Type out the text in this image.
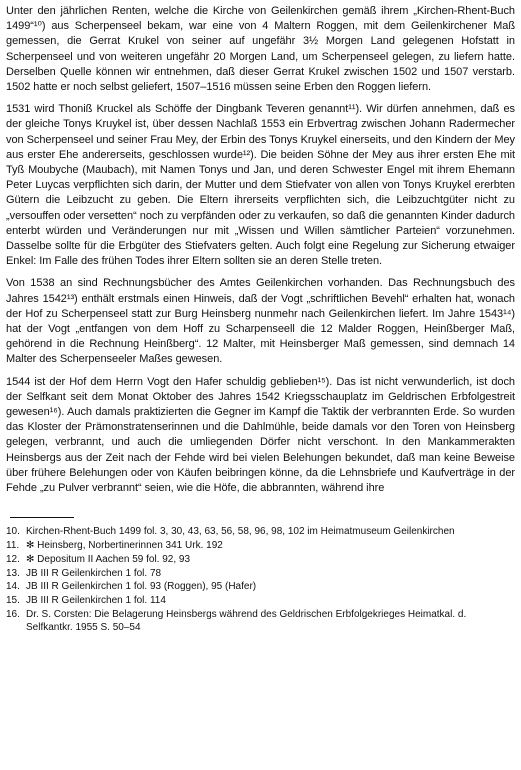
Unter den jährlichen Renten, welche die Kirche von Geilenkirchen gemäß ihrem „Kirchen-Rhent-Buch 1499“¹⁰) aus Scherpenseel bekam, war eine von 4 Maltern Roggen, mit dem Geilenkirchener Maß gemessen, die Gerrat Krukel von seiner auf ungefähr 3½ Morgen Land gelegenen Hofstatt in Scherpenseel und von weiteren ungefähr 20 Morgen Land, um Scherpenseel gelegen, zu liefern hatte. Derselben Quelle können wir entnehmen, daß dieser Gerrat Krukel zwischen 1502 und 1507 verstarb. 1502 hatte er noch selbst geliefert, 1507–1516 müssen seine Erben den Roggen liefern.

1531 wird Thoniß Kruckel als Schöffe der Dingbank Teveren genannt¹¹). Wir dürfen annehmen, daß es der gleiche Tonys Kruykel ist, über dessen Nachlaß 1553 ein Erbvertrag zwischen Johann Radermecher von Scherpenseel und seiner Frau Mey, der Erbin des Tonys Kruykel einerseits, und den Kindern der Mey aus erster Ehe andererseits, geschlossen wurde¹²). Die beiden Söhne der Mey aus ihrer ersten Ehe mit Tyß Moubyche (Maubach), mit Namen Tonys und Jan, und deren Schwester Engel mit ihrem Ehemann Peter Luycas verpflichten sich darin, der Mutter und dem Stiefvater von allen von Tonys Kruykel ererbten Gütern die Leibzucht zu geben. Die Eltern ihrerseits verpflichten sich, die Leibzuchtgüter nicht zu „versouffen oder versetten“ noch zu verpfänden oder zu verkaufen, so daß die genannten Kinder dadurch enterbt würden und Veränderungen nur mit „Wissen und Willen sämtlicher Parteien“ vorzunehmen. Dasselbe sollte für die Erbgüter des Stiefvaters gelten. Auch folgt eine Regelung zur Sicherung etwaiger Enkel: Im Falle des frühen Todes ihrer Eltern sollten sie an deren Stelle treten.

Von 1538 an sind Rechnungsbücher des Amtes Geilenkirchen vorhanden. Das Rechnungsbuch des Jahres 1542¹³) enthält erstmals einen Hinweis, daß der Vogt „schriftlichen Bevehl“ erhalten hat, wonach der Hof zu Scherpenseel statt zur Burg Heinsberg nunmehr nach Geilenkirchen liefert. Im Jahre 1543¹⁴) hat der Vogt „entfangen von dem Hoff zu Scharpenseell die 12 Malder Roggen, Heinßberger Maß, gehörend in die Rechnung Heinßberg“. 12 Malter, mit Heinsberger Maß gemessen, sind demnach 14 Malter des Scherpenseeler Maßes gewesen.

1544 ist der Hof dem Herrn Vogt den Hafer schuldig geblieben¹⁵). Das ist nicht verwunderlich, ist doch der Selfkant seit dem Monat Oktober des Jahres 1542 Kriegsschauplatz im Geldrischen Erbfolgestreit gewesen¹⁶). Auch damals praktizierten die Gegner im Kampf die Taktik der verbrannten Erde. So wurden das Kloster der Prämonstratenserinnen und die Dahlmühle, beide damals vor den Toren von Heinsberg gelegen, verbrannt, und auch die umliegenden Dörfer nicht verschont. In den Mankammerakten Heinsbergs aus der Zeit nach der Fehde wird bei vielen Belehungen bekundet, daß man keine Beweise über frühere Belehungen oder von Käufen beibringen könne, da die Lehnsbriefe und Kaufverträge in der Fehde „zu Pulver verbrannt“ seien, wie die Höfe, die abbrannten, während ihre

10. Kirchen-Rhent-Buch 1499 fol. 3, 30, 43, 63, 56, 58, 96, 98, 102 im Heimatmuseum Geilenkirchen
11. ✻ Heinsberg, Norbertinerinnen 341 Urk. 192
12. ✻ Depositum II Aachen 59 fol. 92, 93
13. JB III R Geilenkirchen 1 fol. 78
14. JB III R Geilenkirchen 1 fol. 93 (Roggen), 95 (Hafer)
15. JB III R Geilenkirchen 1 fol. 114
16. Dr. S. Corsten: Die Belagerung Heinsbergs während des Geldrischen Erbfolgekrieges Heimatkal. d. Selfkantkr. 1955 S. 50–54
